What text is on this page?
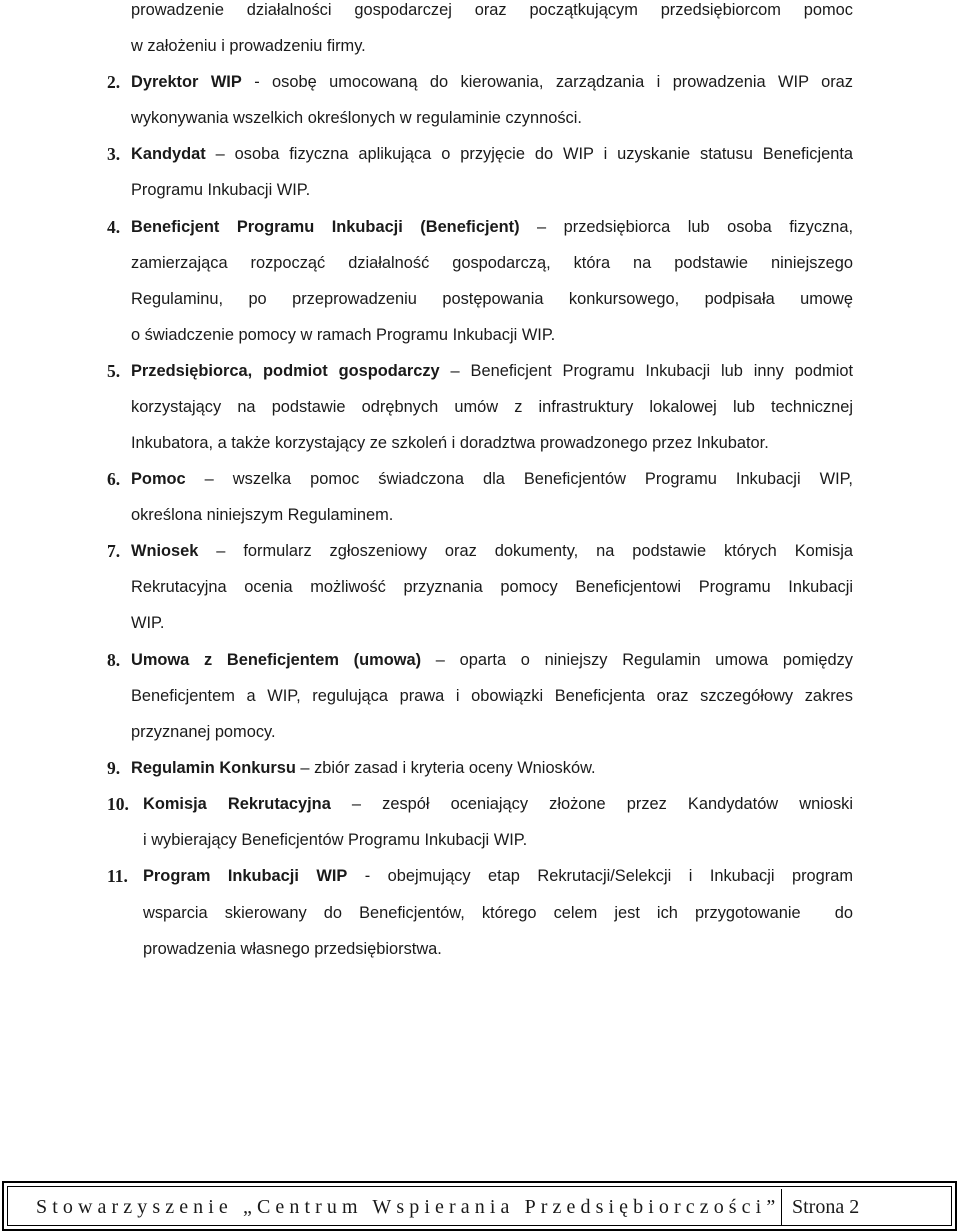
prowadzenie działalności gospodarczej oraz początkującym przedsiębiorcom pomoc

w założeniu i prowadzeniu firmy.

2. Dyrektor WIP - osobę umocowaną do kierowania, zarządzania i prowadzenia WIP oraz

wykonywania wszelkich określonych w regulaminie czynności.

3. Kandydat – osoba fizyczna aplikująca o przyjęcie do WIP i uzyskanie statusu Beneficjenta

Programu Inkubacji WIP.

4. Beneficjent Programu Inkubacji (Beneficjent) – przedsiębiorca lub osoba fizyczna,

zamierzająca rozpocząć działalność gospodarczą, która na podstawie niniejszego

Regulaminu, po przeprowadzeniu postępowania konkursowego, podpisała umowę

o świadczenie pomocy w ramach Programu Inkubacji WIP.

5. Przedsiębiorca, podmiot gospodarczy – Beneficjent Programu Inkubacji lub inny podmiot

korzystający na podstawie odrębnych umów z infrastruktury lokalowej lub technicznej

Inkubatora, a także korzystający ze szkoleń i doradztwa prowadzonego przez Inkubator.

6. Pomoc – wszelka pomoc świadczona dla Beneficjentów Programu Inkubacji WIP,

określona niniejszym Regulaminem.

7. Wniosek – formularz zgłoszeniowy oraz dokumenty, na podstawie których Komisja

Rekrutacyjna ocenia możliwość przyznania pomocy Beneficjentowi Programu Inkubacji

WIP.

8. Umowa z Beneficjentem (umowa) – oparta o niniejszy Regulamin umowa pomiędzy

Beneficjentem a WIP, regulująca prawa i obowiązki Beneficjenta oraz szczegółowy zakres

przyznanej pomocy.

9. Regulamin Konkursu – zbiór zasad i kryteria oceny Wniosków.

10. Komisja Rekrutacyjna – zespół oceniający złożone przez Kandydatów wnioski

i wybierający Beneficjentów Programu Inkubacji WIP.

11. Program Inkubacji WIP - obejmujący etap Rekrutacji/Selekcji i Inkubacji program

wsparcia skierowany do Beneficjentów, którego celem jest ich przygotowanie  do

prowadzenia własnego przedsiębiorstwa.

Stowarzyszenie „Centrum Wspierania Przedsiębiorczości” Strona 2
